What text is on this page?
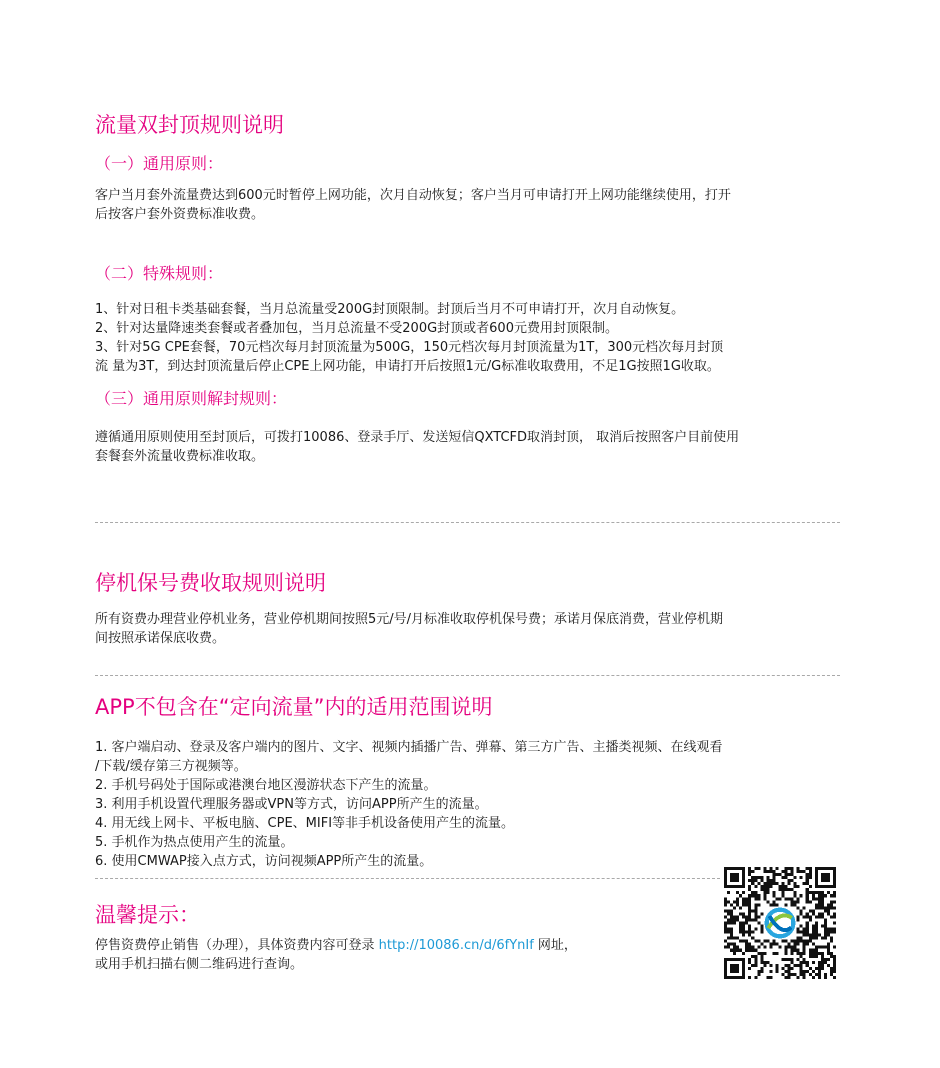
流量双封顶规则说明
（一）通用原则：
客户当月套外流量费达到600元时暂停上网功能，次月自动恢复；客户当月可申请打开上网功能继续使用，打开
后按客户套外资费标准收费。
（二）特殊规则：
1、针对日租卡类基础套餐，当月总流量受200G封顶限制。封顶后当月不可申请打开，次月自动恢复。
2、针对达量降速类套餐或者叠加包，当月总流量不受200G封顶或者600元费用封顶限制。
3、针对5G CPE套餐，70元档次每月封顶流量为500G，150元档次每月封顶流量为1T，300元档次每月封顶
流 量为3T，到达封顶流量后停止CPE上网功能，申请打开后按照1元/G标准收取费用，不足1G按照1G收取。
（三）通用原则解封规则：
遵循通用原则使用至封顶后，可拨打10086、登录手厅、发送短信QXTCFD取消封顶， 取消后按照客户目前使用
套餐套外流量收费标准收取。
停机保号费收取规则说明
所有资费办理营业停机业务，营业停机期间按照5元/号/月标准收取停机保号费；承诺月保底消费，营业停机期
间按照承诺保底收费。
APP不包含在“定向流量”内的适用范围说明
1. 客户端启动、登录及客户端内的图片、文字、视频内插播广告、弹幕、第三方广告、主播类视频、在线观看
/下载/缓存第三方视频等。
2. 手机号码处于国际或港澳台地区漫游状态下产生的流量。
3. 利用手机设置代理服务器或VPN等方式，访问APP所产生的流量。
4. 用无线上网卡、平板电脑、CPE、MIFI等非手机设备使用产生的流量。
5. 手机作为热点使用产生的流量。
6. 使用CMWAP接入点方式，访问视频APP所产生的流量。
温馨提示：
停售资费停止销售（办理），具体资费内容可登录 http://10086.cn/d/6fYnIf 网址，
或用手机扫描右侧二维码进行查询。
